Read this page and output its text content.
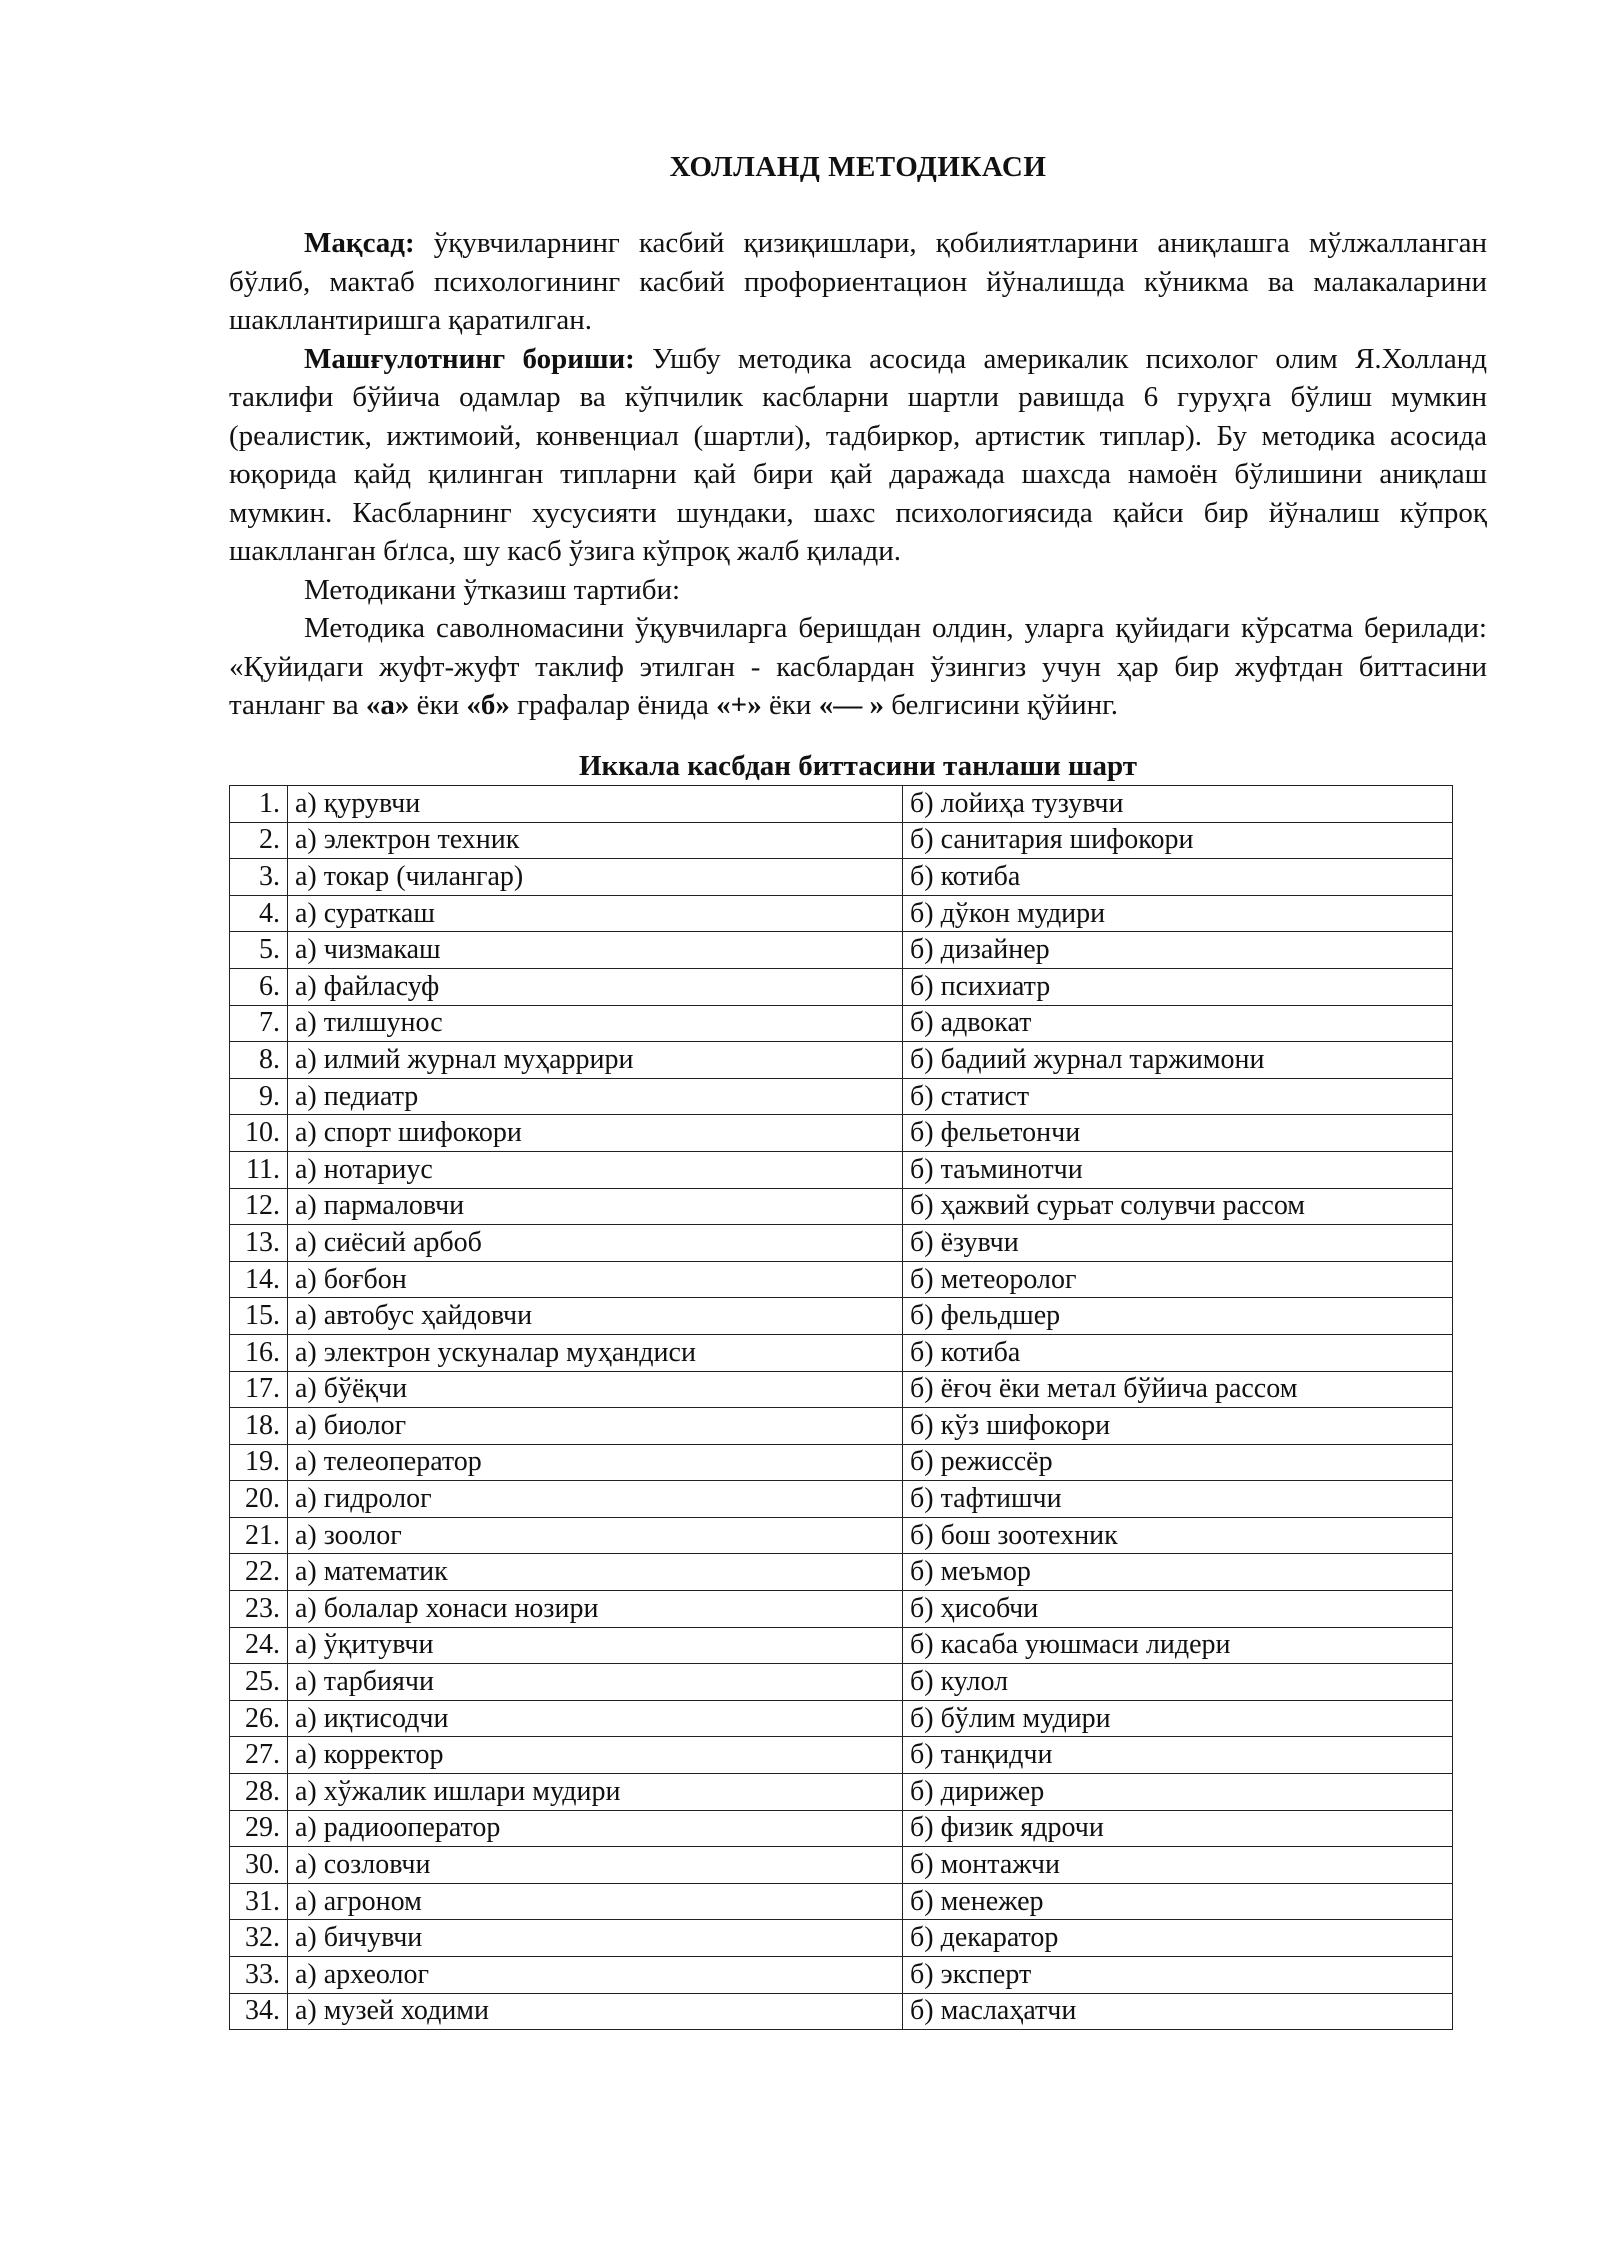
ХОЛЛАНД МЕТОДИКАСИ

Мақсад: ўқувчиларнинг касбий қизиқишлари, қобилиятларини аниқлашга мўлжалланган бўлиб, мактаб психологининг касбий профориентацион йўналишда кўникма ва малакаларини шакллантиришга қаратилган.

Машғулотнинг бориши: Ушбу методика асосида америкалик психолог олим Я.Холланд таклифи бўйича одамлар ва кўпчилик касбларни шартли равишда 6 гуруҳга бўлиш мумкин (реалистик, ижтимоий, конвенциал (шартли), тадбиркор, артистик типлар). Бу методика асосида юқорида қайд қилинган типларни қай бири қай даражада шахсда намоён бўлишини аниқлаш мумкин. Касбларнинг хусусияти шундаки, шахс психологиясида қайси бир йўналиш кўпроқ шаклланган бґлса, шу касб ўзига кўпроқ жалб қилади.

Методикани ўтказиш тартиби:

Методика саволномасини ўқувчиларга беришдан олдин, уларга қуйидаги кўрсатма берилади: «Қуйидаги жуфт-жуфт таклиф этилган - касблардан ўзингиз учун ҳар бир жуфтдан биттасини танланг ва «а» ёки «б» графалар ёнида «+» ёки «— » белгисини қўйинг.

Иккала касбдан биттасини танлаши шарт
1.	а) қурувчи	б) лойиҳа тузувчи
2.	а) электрон техник	б) санитария шифокори
3.	а) токар (чилангар)	б) котиба
4.	а) сураткаш	б) дўкон мудири
5.	а) чизмакаш	б) дизайнер
6.	а) файласуф	б) психиатр
7.	а) тилшунос	б) адвокат
8.	а) илмий журнал муҳаррири	б) бадиий журнал таржимони
9.	а) педиатр	б) статист
10.	а) спорт шифокори	б) фельетончи
11.	а) нотариус	б) таъминотчи
12.	а) пармаловчи	б) ҳажвий сурьат солувчи рассом
13.	а) сиёсий арбоб	б) ёзувчи
14.	а) боғбон	б) метеоролог
15.	а) автобус ҳайдовчи	б) фельдшер
16.	а) электрон ускуналар муҳандиси	б) котиба
17.	а) бўёқчи	б) ёғоч ёки метал бўйича рассом
18.	а) биолог	б) кўз шифокори
19.	а) телеоператор	б) режиссёр
20.	а) гидролог	б) тафтишчи
21.	а) зоолог	б) бош зоотехник
22.	а) математик	б) меъмор
23.	а) болалар хонаси нозири	б) ҳисобчи
24.	а) ўқитувчи	б) касаба уюшмаси лидери
25.	а) тарбиячи	б) кулол
26.	а) иқтисодчи	б) бўлим мудири
27.	а) корректор	б) танқидчи
28.	а) хўжалик ишлари мудири	б) дирижер
29.	а) радиооператор	б) физик ядрочи
30.	а) созловчи	б) монтажчи
31.	а) агроном	б) менежер
32.	а) бичувчи	б) декаратор
33.	а) археолог	б) эксперт
34.	а) музей ходими	б) маслаҳатчи
